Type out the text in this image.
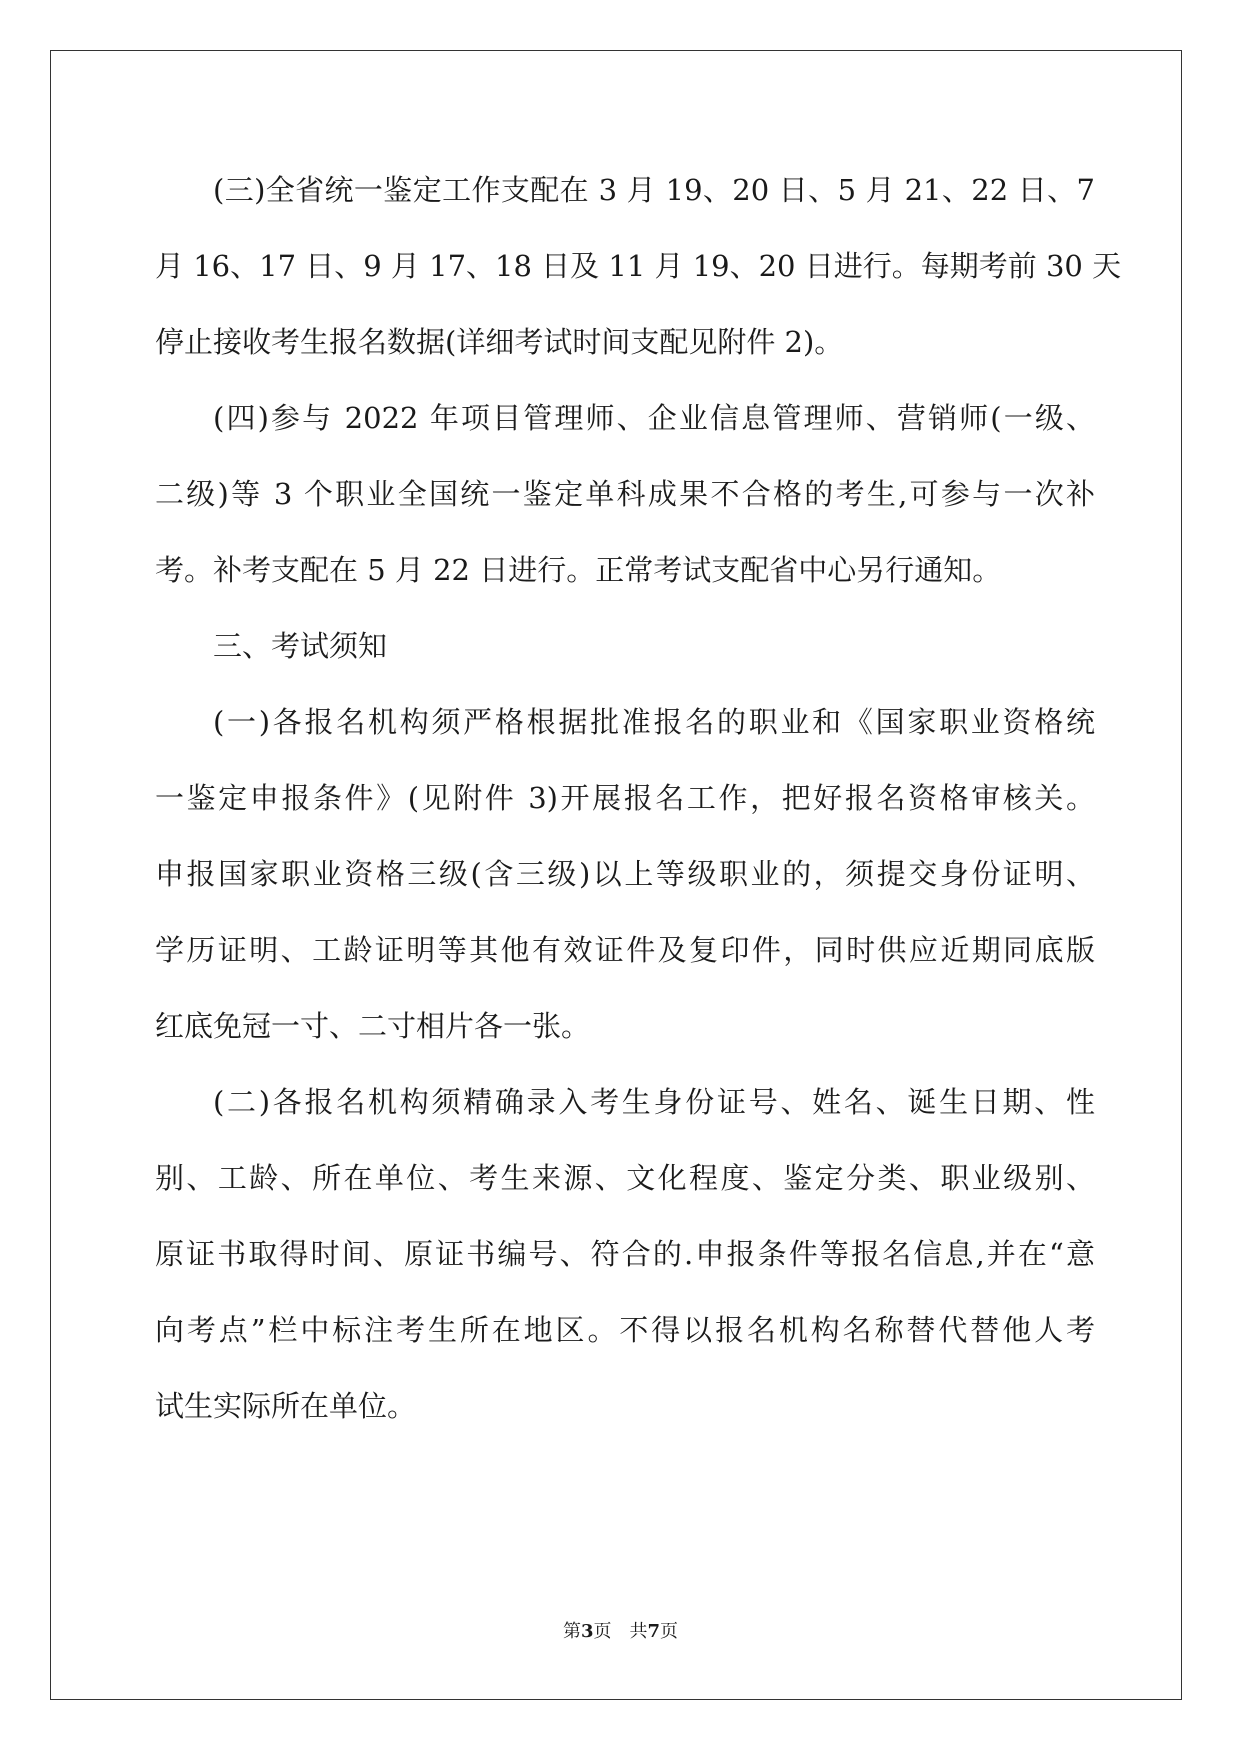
(三)全省统一鉴定工作支配在 3 月 19、20 日、5 月 21、22 日、7
月 16、17 日、9 月 17、18 日及 11 月 19、20 日进行。每期考前 30 天
停止接收考生报名数据(详细考试时间支配见附件 2)。
(四)参与 2022 年项目管理师、企业信息管理师、营销师(一级、
二级)等 3 个职业全国统一鉴定单科成果不合格的考生,可参与一次补
考。补考支配在 5 月 22 日进行。正常考试支配省中心另行通知。
三、考试须知
(一)各报名机构须严格根据批准报名的职业和《国家职业资格统
一鉴定申报条件》(见附件 3)开展报名工作，把好报名资格审核关。
申报国家职业资格三级(含三级)以上等级职业的，须提交身份证明、
学历证明、工龄证明等其他有效证件及复印件，同时供应近期同底版
红底免冠一寸、二寸相片各一张。
(二)各报名机构须精确录入考生身份证号、姓名、诞生日期、性
别、工龄、所在单位、考生来源、文化程度、鉴定分类、职业级别、
原证书取得时间、原证书编号、符合的.申报条件等报名信息,并在“意
向考点”栏中标注考生所在地区。不得以报名机构名称替代替他人考
试生实际所在单位。
第3页 共7页
